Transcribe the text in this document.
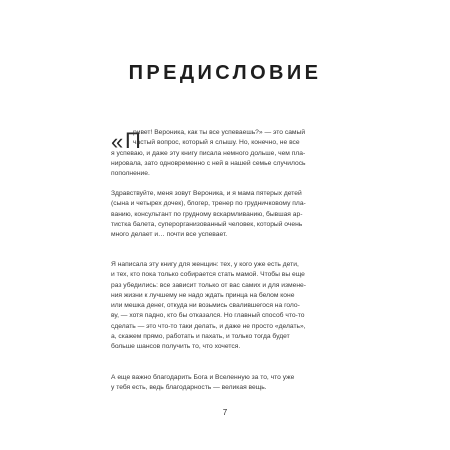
ПРЕДИСЛОВИЕ
« П
ривет! Вероника, как ты все успеваешь?» — это самый
частый вопрос, который я слышу. Но, конечно, не все
я успеваю, и даже эту книгу писала немного дольше, чем пла-
нировала, зато одновременно с ней в нашей семье случилось
пополнение.
Здравствуйте, меня зовут Вероника, и я мама пятерых детей
(сына и четырех дочек), блогер, тренер по грудничковому пла-
ванию, консультант по грудному вскармливанию, бывшая ар-
тистка балета, суперорганизованный человек, который очень
много делает и… почти все успевает.
Я написала эту книгу для женщин: тех, у кого уже есть дети,
и тех, кто пока только собирается стать мамой. Чтобы вы еще
раз убедились: все зависит только от вас самих и для измене-
ния жизни к лучшему не надо ждать принца на белом коне
или мешка денег, откуда ни возьмись свалившегося на голо-
ву, — хотя падно, кто бы отказался. Но главный способ что-то
сделать — это что-то таки делать, и даже не просто «делать»,
а, скажем прямо, работать и пахать, и только тогда будет
больше шансов получить то, что хочется.
А еще важно благодарить Бога и Вселенную за то, что уже
у тебя есть, ведь благодарность — великая вещь.
7
